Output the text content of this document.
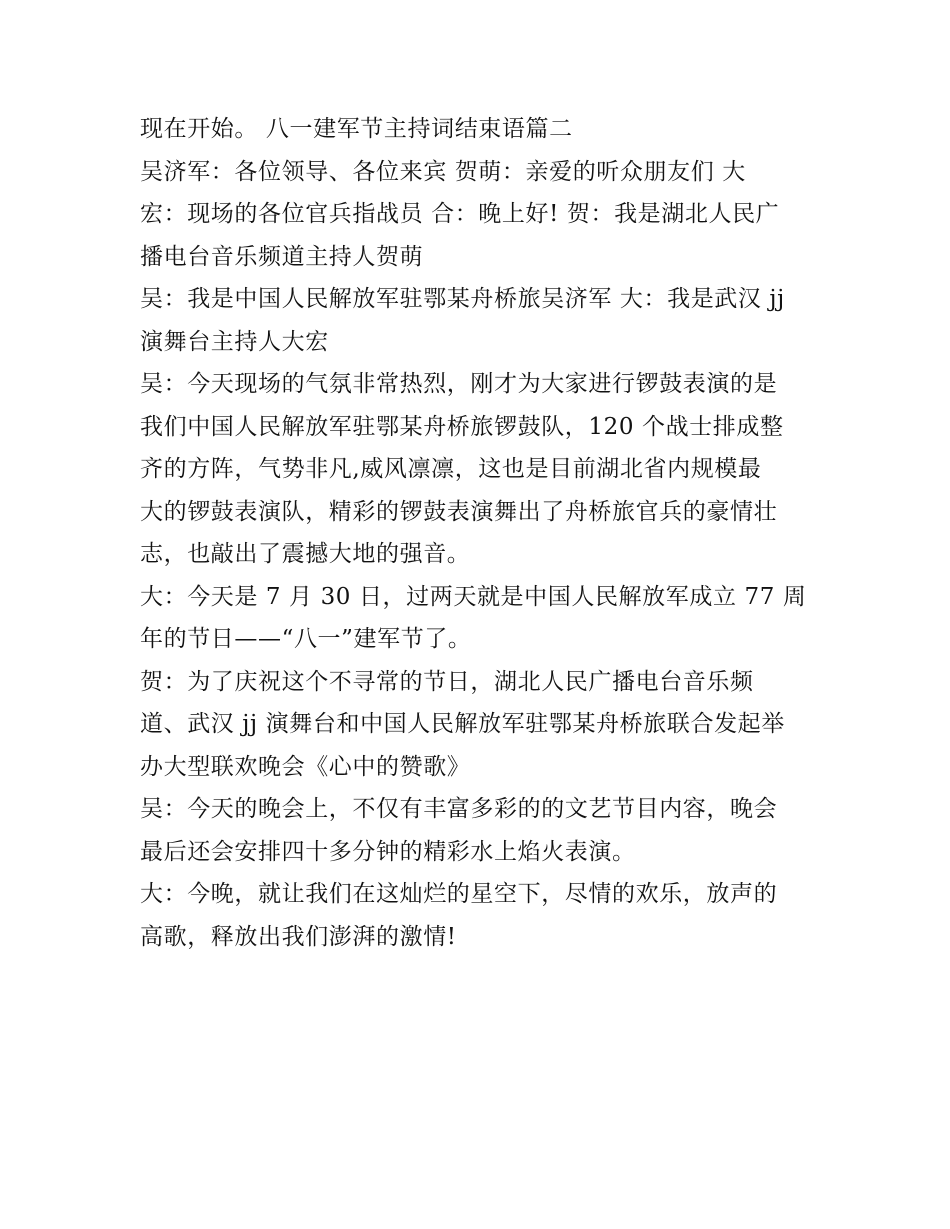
现在开始。 八一建军节主持词结束语篇二
吴济军：各位领导、各位来宾 贺萌：亲爱的听众朋友们 大
宏：现场的各位官兵指战员 合：晚上好! 贺：我是湖北人民广
播电台音乐频道主持人贺萌
吴：我是中国人民解放军驻鄂某舟桥旅吴济军 大：我是武汉 jj
演舞台主持人大宏
吴：今天现场的气氛非常热烈，刚才为大家进行锣鼓表演的是
我们中国人民解放军驻鄂某舟桥旅锣鼓队，120 个战士排成整
齐的方阵，气势非凡,威风凛凛，这也是目前湖北省内规模最
大的锣鼓表演队，精彩的锣鼓表演舞出了舟桥旅官兵的豪情壮
志，也敲出了震撼大地的强音。
大：今天是 7 月 30 日，过两天就是中国人民解放军成立 77 周
年的节日——“八一”建军节了。
贺：为了庆祝这个不寻常的节日，湖北人民广播电台音乐频
道、武汉 jj 演舞台和中国人民解放军驻鄂某舟桥旅联合发起举
办大型联欢晚会《心中的赞歌》
吴：今天的晚会上，不仅有丰富多彩的的文艺节目内容，晚会
最后还会安排四十多分钟的精彩水上焰火表演。
大：今晚，就让我们在这灿烂的星空下，尽情的欢乐，放声的
高歌，释放出我们澎湃的激情!
